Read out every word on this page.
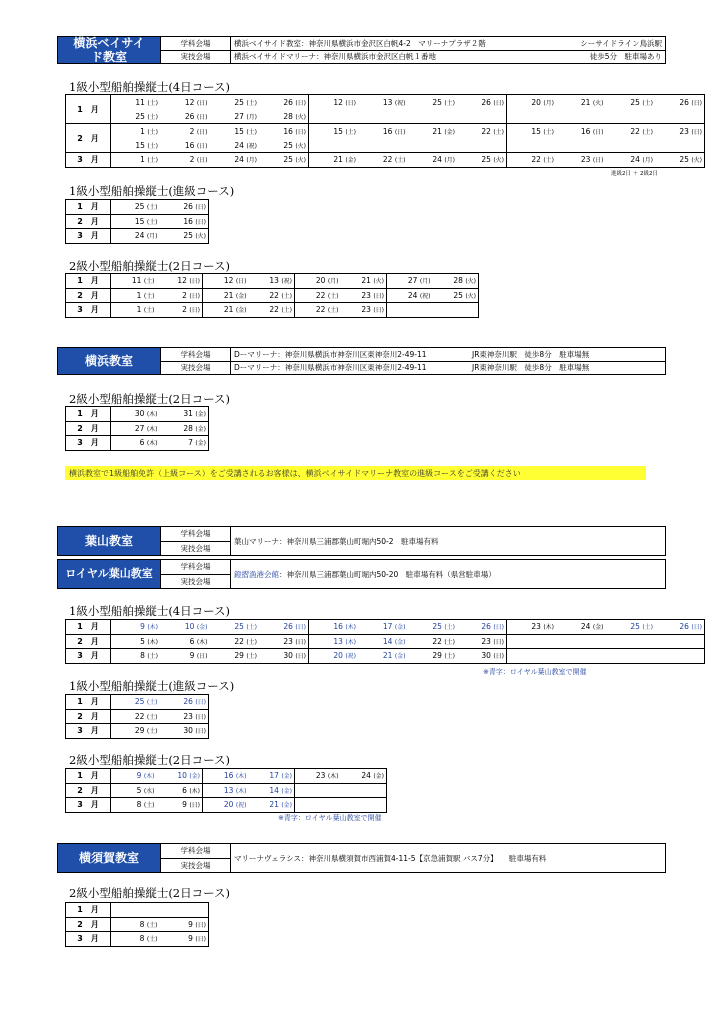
横浜ベイサイド教室
学科会場
実技会場
横浜ベイサイド教室：神奈川県横浜市金沢区白帆4-2　マリーナプラザ２階	シーサイドライン鳥浜駅
横浜ベイサイドマリーナ：神奈川県横浜市金沢区白帆１番地	徒歩5分　駐車場あり
1級小型船舶操縦士(4日コース)
1　月	11 (土)	12 (日)	25 (土)	26 (日)	12 (日)	13 (祝)	25 (土)	26 (日)	20 (月)	21 (火)	25 (土)	26 (日)
	25 (土)	26 (日)	27 (月)	28 (火)								
2　月	1 (土)	2 (日)	15 (土)	16 (日)	15 (土)	16 (日)	21 (金)	22 (土)	15 (土)	16 (日)	22 (土)	23 (日)
	15 (土)	16 (日)	24 (祝)	25 (火)								
3　月	1 (土)	2 (日)	24 (月)	25 (火)	21 (金)	22 (土)	24 (月)	25 (火)	22 (土)	23 (日)	24 (月)	25 (火)
進級2日 ＋ 2級2日
1級小型船舶操縦士(進級コース)
1　月	25 (土)	26 (日)
2　月	15 (土)	16 (日)
3　月	24 (月)	25 (火)
2級小型船舶操縦士(2日コース)
1　月	11 (土)	12 (日)	12 (日)	13 (祝)	20 (月)	21 (火)	27 (月)	28 (火)
2　月	1 (土)	2 (日)	21 (金)	22 (土)	22 (土)	23 (日)	24 (祝)	25 (火)
3　月	1 (土)	2 (日)	21 (金)	22 (土)	22 (土)	23 (日)		
横浜教室	学科会場
実技会場
Dーマリーナ：神奈川県横浜市神奈川区東神奈川2-49-11	JR東神奈川駅　徒歩8分　駐車場無
Dーマリーナ：神奈川県横浜市神奈川区東神奈川2-49-11	JR東神奈川駅　徒歩8分　駐車場無
2級小型船舶操縦士(2日コース)
1　月	30 (木)	31 (金)
2　月	27 (木)	28 (金)
3　月	6 (木)	7 (金)
横浜教室で1級船舶免許（上級コース）をご受講されるお客様は、横浜ベイサイドマリーナ教室の進級コースをご受講ください
葉山教室
学科会場
実技会場
葉山マリーナ：神奈川県三浦郡葉山町堀内50-2　駐車場有料
ロイヤル葉山教室
学科会場
実技会場
鐙摺漁港会館 ：神奈川県三浦郡葉山町堀内50-20　駐車場有料（県営駐車場）
1級小型船舶操縦士(4日コース)
1　月	9 (木)	10 (金)	25 (土)	26 (日)	16 (木)	17 (金)	25 (土)	26 (日)	23 (木)	24 (金)	25 (土)	26 (日)
2　月	5 (木)	6 (木)	22 (土)	23 (日)	13 (木)	14 (金)	22 (土)	23 (日)				
3　月	8 (土)	9 (日)	29 (土)	30 (日)	20 (祝)	21 (金)	29 (土)	30 (日)				
※青字：ロイヤル葉山教室で開催
1級小型船舶操縦士(進級コース)
1　月	25 (土)	26 (日)
2　月	22 (土)	23 (日)
3　月	29 (土)	30 (日)
2級小型船舶操縦士(2日コース)
1　月	9 (木)	10 (金)	16 (木)	17 (金)	23 (木)	24 (金)
2　月	5 (水)	6 (木)	13 (木)	14 (金)		
3　月	8 (土)	9 (日)	20 (祝)	21 (金)		
※青字：ロイヤル葉山教室で開催
横須賀教室
学科会場
実技会場
マリーナヴェラシス：神奈川県横須賀市西浦賀4-11-5【京急浦賀駅 バス7分】　　駐車場有料
2級小型船舶操縦士(2日コース)
1　月		
2　月	8 (土)	9 (日)
3　月	8 (土)	9 (日)
